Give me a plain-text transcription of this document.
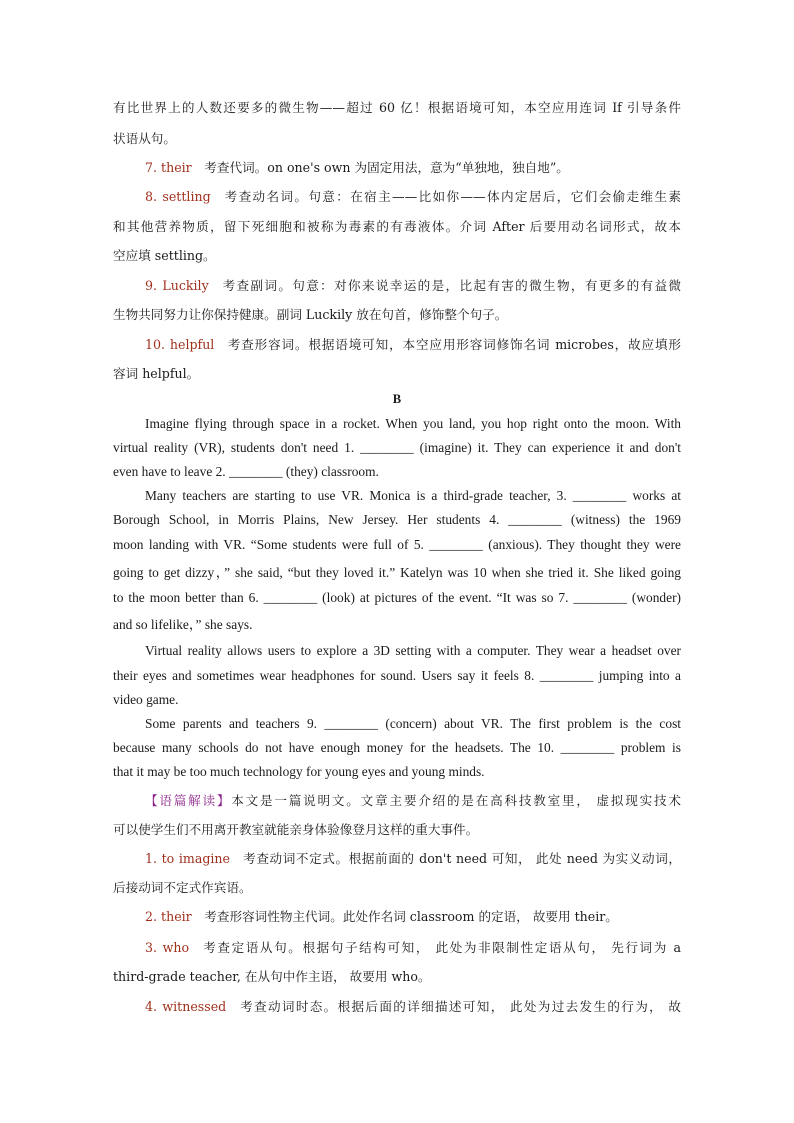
有比世界上的人数还要多的微生物——超过 60 亿！根据语境可知，本空应用连词 If 引导条件
状语从句。
7. their  考查代词。on one's own 为固定用法，意为“单独地，独自地”。
8. settling  考查动名词。句意：在宿主——比如你——体内定居后，它们会偷走维生素
和其他营养物质，留下死细胞和被称为毒素的有毒液体。介词 After 后要用动名词形式，故本
空应填 settling。
9. Luckily  考查副词。句意：对你来说幸运的是，比起有害的微生物，有更多的有益微
生物共同努力让你保持健康。副词 Luckily 放在句首，修饰整个句子。
10. helpful  考查形容词。根据语境可知，本空应用形容词修饰名词 microbes，故应填形
容词 helpful。
B
Imagine flying through space in a rocket. When you land, you hop right onto the moon. With
virtual reality (VR), students don't need 1. ________ (imagine) it. They can experience it and don't
even have to leave 2. ________ (they) classroom.
Many teachers are starting to use VR. Monica is a third-grade teacher, 3. ________ works at
Borough School, in Morris Plains, New Jersey. Her students 4. ________ (witness) the 1969
moon landing with VR. “Some students were full of 5. ________ (anxious). They thought they were
going to get dizzy，” she said, “but they loved it.” Katelyn was 10 when she tried it. She liked going
to the moon better than 6. ________ (look) at pictures of the event. “It was so 7. ________ (wonder)
and so lifelike，” she says.
Virtual reality allows users to explore a 3D setting with a computer. They wear a headset over
their eyes and sometimes wear headphones for sound. Users say it feels 8. ________ jumping into a
video game.
Some parents and teachers 9. ________ (concern) about VR. The first problem is the cost
because many schools do not have enough money for the headsets. The 10. ________ problem is
that it may be too much technology for young eyes and young minds.
【语篇解读】本文是一篇说明文。文章主要介绍的是在高科技教室里， 虚拟现实技术
可以使学生们不用离开教室就能亲身体验像登月这样的重大事件。
1. to imagine  考查动词不定式。根据前面的 don't need 可知， 此处 need 为实义动词，
后接动词不定式作宾语。
2. their  考查形容词性物主代词。此处作名词 classroom 的定语， 故要用 their。
3. who  考查定语从句。根据句子结构可知， 此处为非限制性定语从句， 先行词为 a
third-grade teacher, 在从句中作主语， 故要用 who。
4. witnessed  考查动词时态。根据后面的详细描述可知， 此处为过去发生的行为， 故
